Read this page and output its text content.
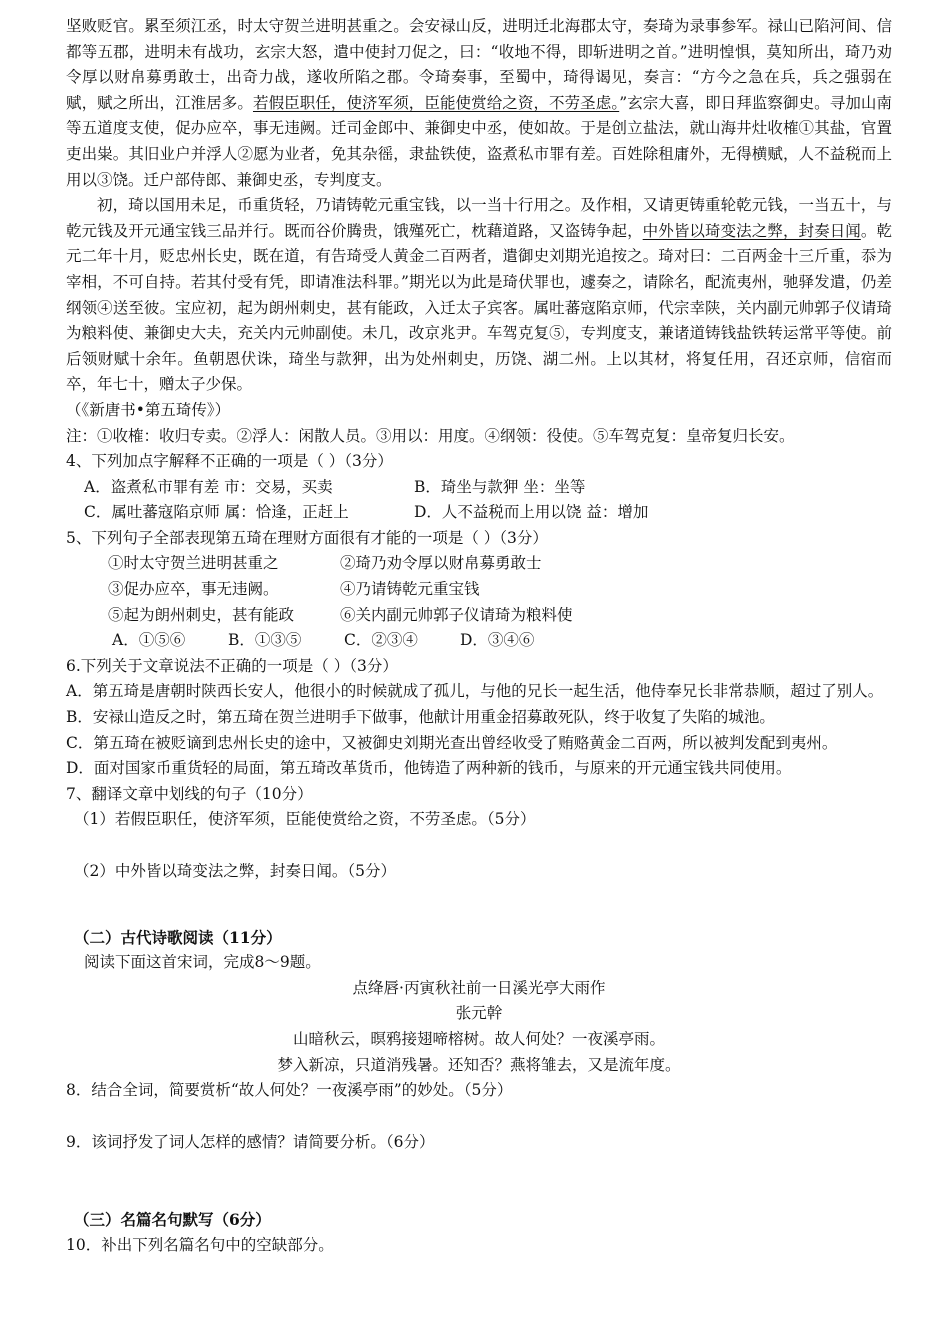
坚败贬官。累至须江丞，时太守贺兰进明甚重之。会安禄山反，进明迁北海郡太守，奏琦为录事参军。禄山已陷河间、信都等五郡，进明未有战功，玄宗大怒，遣中使封刀促之，曰：“收地不得，即斩进明之首。”进明惶惧，莫知所出，琦乃劝令厚以财帛募勇敢士，出奇力战，遂收所陷之郡。令琦奏事，至蜀中，琦得谒见，奏言：“方今之急在兵，兵之强弱在赋，赋之所出，江淮居多。若假臣职任，使济军须，臣能使赏给之资，不劳圣虑。”玄宗大喜，即日拜监察御史。寻加山南等五道度支使，促办应卒，事无违阙。迁司金郎中、兼御史中丞，使如故。于是创立盐法，就山海井灶收榷①其盐，官置吏出粜。其旧业户并浮人②愿为业者，免其杂徭，隶盐铁使，盗煮私市罪有差。百姓除租庸外，无得横赋，人不益税而上用以③饶。迁户部侍郎、兼御史丞，专判度支。

初，琦以国用未足，币重货轻，乃请铸乾元重宝钱，以一当十行用之。及作相，又请更铸重轮乾元钱，一当五十，与乾元钱及开元通宝钱三品并行。既而谷价腾贵，饿殣死亡，枕藉道路，又盗铸争起，中外皆以琦变法之弊，封奏日闻。乾元二年十月，贬忠州长史，既在道，有告琦受人黄金二百两者，遣御史刘期光追按之。琦对曰：二百两金十三斤重，忝为宰相，不可自持。若其付受有凭，即请准法科罪。”期光以为此是琦伏罪也，遽奏之，请除名，配流夷州，驰驿发遣，仍差纲领④送至彼。宝应初，起为朗州刺史，甚有能政，入迁太子宾客。属吐蕃寇陷京师，代宗幸陕，关内副元帅郭子仪请琦为粮料使、兼御史大夫，充关内元帅副使。未几，改京兆尹。车驾克复⑤，专判度支，兼诸道铸钱盐铁转运常平等使。前后领财赋十余年。鱼朝恩伏诛，琦坐与款狎，出为处州刺史，历饶、湖二州。上以其材，将复任用，召还京师，信宿而卒，年七十，赠太子少保。

（《新唐书•第五琦传》）
注：①收榷：收归专卖。②浮人：闲散人员。③用以：用度。④纲领：役使。⑤车驾克复：皇帝复归长安。
4、下列加点字解释不正确的一项是（ ）（3分）
A．盗煮私市罪有差 市：交易，买卖	B．琦坐与款狎 坐：坐等
C．属吐蕃寇陷京师 属：恰逢，正赶上	D．人不益税而上用以饶 益：增加
5、下列句子全部表现第五琦在理财方面很有才能的一项是（ ）（3分）
①时太守贺兰进明甚重之	②琦乃劝令厚以财帛募勇敢士
③促办应卒，事无违阙。	④乃请铸乾元重宝钱
⑤起为朗州刺史，甚有能政	⑥关内副元帅郭子仪请琦为粮料使
A．①⑤⑥	B．①③⑤	C．②③④	D．③④⑥
6.下列关于文章说法不正确的一项是（ ）（3分）
A．第五琦是唐朝时陕西长安人，他很小的时候就成了孤儿，与他的兄长一起生活，他侍奉兄长非常恭顺，超过了别人。
B．安禄山造反之时，第五琦在贺兰进明手下做事，他献计用重金招募敢死队，终于收复了失陷的城池。
C．第五琦在被贬谪到忠州长史的途中，又被御史刘期光查出曾经收受了贿赂黄金二百两，所以被判发配到夷州。
D．面对国家币重货轻的局面，第五琦改革货币，他铸造了两种新的钱币，与原来的开元通宝钱共同使用。
7、翻译文章中划线的句子（10分）
（1）若假臣职任，使济军须，臣能使赏给之资，不劳圣虑。（5分）
（2）中外皆以琦变法之弊，封奏日闻。（5分）
（二）古代诗歌阅读（11分）
阅读下面这首宋词，完成8～9题。
点绛唇·丙寅秋社前一日溪光亭大雨作
张元幹
山暗秋云，暝鸦接翅啼榕树。故人何处？一夜溪亭雨。
梦入新凉，只道消残暑。还知否？燕将雏去，又是流年度。
8．结合全词，简要赏析“故人何处？一夜溪亭雨”的妙处。（5分）
9．该词抒发了词人怎样的感情？请简要分析。（6分）
（三）名篇名句默写（6分）
10．补出下列名篇名句中的空缺部分。
